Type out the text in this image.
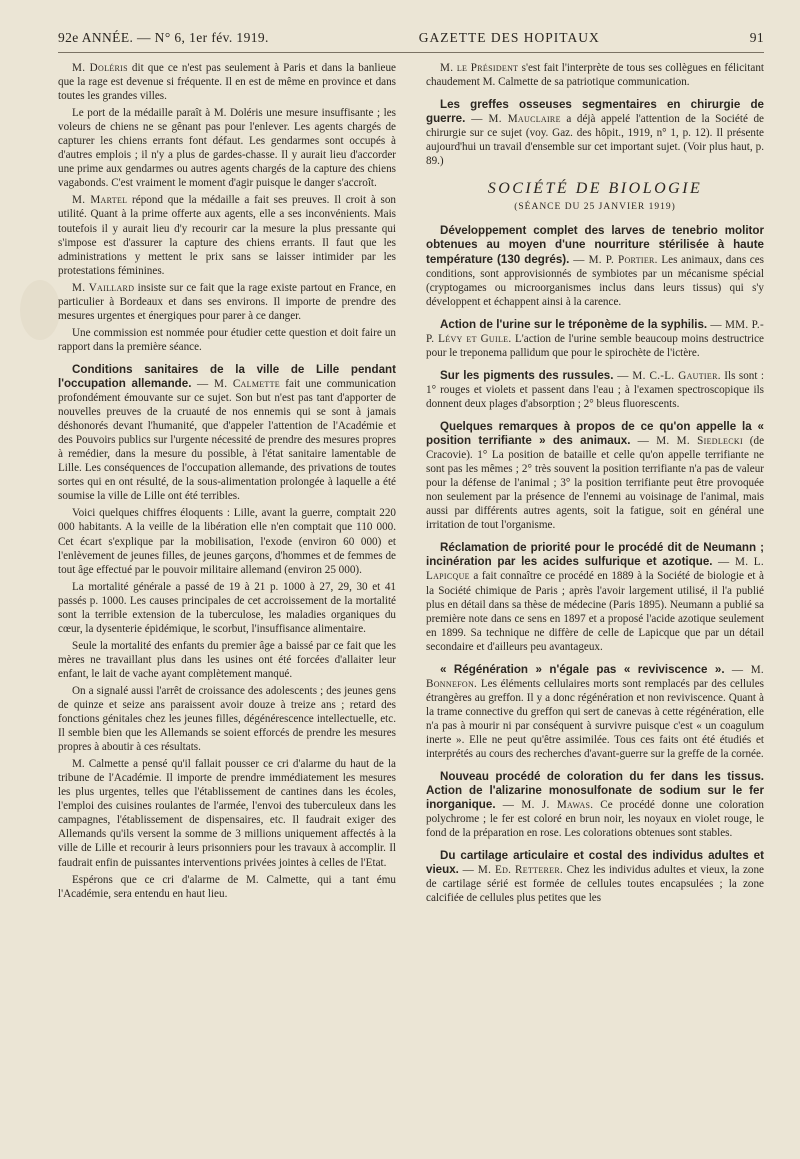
92e ANNÉE. — N° 6, 1er fév. 1919.	GAZETTE DES HOPITAUX	91

M. Doléris dit que ce n'est pas seulement à Paris et dans la banlieue que la rage est devenue si fréquente. Il en est de même en province et dans toutes les grandes villes.

Le port de la médaille paraît à M. Doléris une mesure insuffisante ; les voleurs de chiens ne se gênant pas pour l'enlever. Les agents chargés de capturer les chiens errants font défaut. Les gendarmes sont occupés à d'autres emplois ; il n'y a plus de gardes-chasse. Il y aurait lieu d'accorder une prime aux gendarmes ou autres agents chargés de la capture des chiens vagabonds. C'est vraiment le moment d'agir puisque le danger s'accroît.

M. Martel répond que la médaille a fait ses preuves. Il croit à son utilité. Quant à la prime offerte aux agents, elle a ses inconvénients. Mais toutefois il y aurait lieu d'y recourir car la mesure la plus pressante qui s'impose est d'assurer la capture des chiens errants. Il faut que les administrations y mettent le prix sans se laisser intimider par les protestations féminines.

M. Vaillard insiste sur ce fait que la rage existe partout en France, en particulier à Bordeaux et dans ses environs. Il importe de prendre des mesures urgentes et énergiques pour parer à ce danger.

Une commission est nommée pour étudier cette question et doit faire un rapport dans la première séance.

Conditions sanitaires de la ville de Lille pendant l'occupation allemande. — M. Calmette fait une communication profondément émouvante sur ce sujet. Son but n'est pas tant d'apporter de nouvelles preuves de la cruauté de nos ennemis qui se sont à jamais déshonorés devant l'humanité, que d'appeler l'attention de l'Académie et des Pouvoirs publics sur l'urgente nécessité de prendre des mesures propres à remédier, dans la mesure du possible, à l'état sanitaire lamentable de Lille. Les conséquences de l'occupation allemande, des privations de toutes sortes qui en ont résulté, de la sous-alimentation prolongée à laquelle a été soumise la ville de Lille ont été terribles.

Voici quelques chiffres éloquents : Lille, avant la guerre, comptait 220 000 habitants. A la veille de la libération elle n'en comptait que 110 000. Cet écart s'explique par la mobilisation, l'exode (environ 60 000) et l'enlèvement de jeunes filles, de jeunes garçons, d'hommes et de femmes de tout âge effectué par le pouvoir militaire allemand (environ 25 000).

La mortalité générale a passé de 19 à 21 p. 1000 à 27, 29, 30 et 41 passés p. 1000. Les causes principales de cet accroissement de la mortalité sont la terrible extension de la tuberculose, les maladies organiques du cœur, la dysenterie épidémique, le scorbut, l'insuffisance alimentaire.

Seule la mortalité des enfants du premier âge a baissé par ce fait que les mères ne travaillant plus dans les usines ont été forcées d'allaiter leur enfant, le lait de vache ayant complètement manqué.

On a signalé aussi l'arrêt de croissance des adolescents ; des jeunes gens de quinze et seize ans paraissent avoir douze à treize ans ; retard des fonctions génitales chez les jeunes filles, dégénérescence intellectuelle, etc. Il semble bien que les Allemands se soient efforcés de prendre les mesures propres à aboutir à ces résultats.

M. Calmette a pensé qu'il fallait pousser ce cri d'alarme du haut de la tribune de l'Académie. Il importe de prendre immédiatement les mesures les plus urgentes, telles que l'établissement de cantines dans les écoles, l'emploi des cuisines roulantes de l'armée, l'envoi des tuberculeux dans les campagnes, l'établissement de dispensaires, etc. Il faudrait exiger des Allemands qu'ils versent la somme de 3 millions uniquement affectés à la ville de Lille et recourir à leurs prisonniers pour les travaux à accomplir. Il faudrait enfin de puissantes interventions privées jointes à celles de l'Etat.

Espérons que ce cri d'alarme de M. Calmette, qui a tant ému l'Académie, sera entendu en haut lieu.

M. le Président s'est fait l'interprète de tous ses collègues en félicitant chaudement M. Calmette de sa patriotique communication.

Les greffes osseuses segmentaires en chirurgie de guerre. — M. Mauclaire a déjà appelé l'attention de la Société de chirurgie sur ce sujet (voy. Gaz. des hôpit., 1919, n° 1, p. 12). Il présente aujourd'hui un travail d'ensemble sur cet important sujet. (Voir plus haut, p. 89.)

SOCIÉTÉ DE BIOLOGIE
(SÉANCE DU 25 JANVIER 1919)

Développement complet des larves de tenebrio molitor obtenues au moyen d'une nourriture stérilisée à haute température (130 degrés). — M. P. Portier. Les animaux, dans ces conditions, sont approvisionnés de symbiotes par un mécanisme spécial (cryptogames ou microorganismes inclus dans leurs tissus) qui s'y développent et échappent ainsi à la carence.

Action de l'urine sur le tréponème de la syphilis. — MM. P.-P. Lévy et Guile. L'action de l'urine semble beaucoup moins destructrice pour le treponema pallidum que pour le spirochète de l'ictère.

Sur les pigments des russules. — M. C.-L. Gautier. Ils sont : 1° rouges et violets et passent dans l'eau ; à l'examen spectroscopique ils donnent deux plages d'absorption ; 2° bleus fluorescents.

Quelques remarques à propos de ce qu'on appelle la « position terrifiante » des animaux. — M. M. Siedlecki (de Cracovie). 1° La position de bataille et celle qu'on appelle terrifiante ne sont pas les mêmes ; 2° très souvent la position terrifiante n'a pas de valeur pour la défense de l'animal ; 3° la position terrifiante peut être provoquée non seulement par la présence de l'ennemi au voisinage de l'animal, mais aussi par différents autres agents, soit la fatigue, soit en général une irritation de tout l'organisme.

Réclamation de priorité pour le procédé dit de Neumann ; incinération par les acides sulfurique et azotique. — M. L. Lapicque a fait connaître ce procédé en 1889 à la Société de biologie et à la Société chimique de Paris ; après l'avoir largement utilisé, il l'a publié plus en détail dans sa thèse de médecine (Paris 1895). Neumann a publié sa première note dans ce sens en 1897 et a proposé l'acide azotique seulement en 1899. Sa technique ne diffère de celle de Lapicque que par un détail secondaire et d'ailleurs peu avantageux.

« Régénération » n'égale pas « reviviscence ». — M. Bonnefon. Les éléments cellulaires morts sont remplacés par des cellules étrangères au greffon. Il y a donc régénération et non reviviscence. Quant à la trame connective du greffon qui sert de canevas à cette régénération, elle n'a pas à mourir ni par conséquent à survivre puisque c'est « un coagulum inerte ». Elle ne peut qu'être assimilée. Tous ces faits ont été étudiés et interprétés au cours des recherches d'avant-guerre sur la greffe de la cornée.

Nouveau procédé de coloration du fer dans les tissus. Action de l'alizarine monosulfonate de sodium sur le fer inorganique. — M. J. Mawas. Ce procédé donne une coloration polychrome ; le fer est coloré en brun noir, les noyaux en violet rouge, le fond de la préparation en rose. Les colorations obtenues sont stables.

Du cartilage articulaire et costal des individus adultes et vieux. — M. Ed. Retterer. Chez les individus adultes et vieux, la zone de cartilage sérié est formée de cellules toutes encapsulées ; la zone calcifiée de cellules plus petites que les
